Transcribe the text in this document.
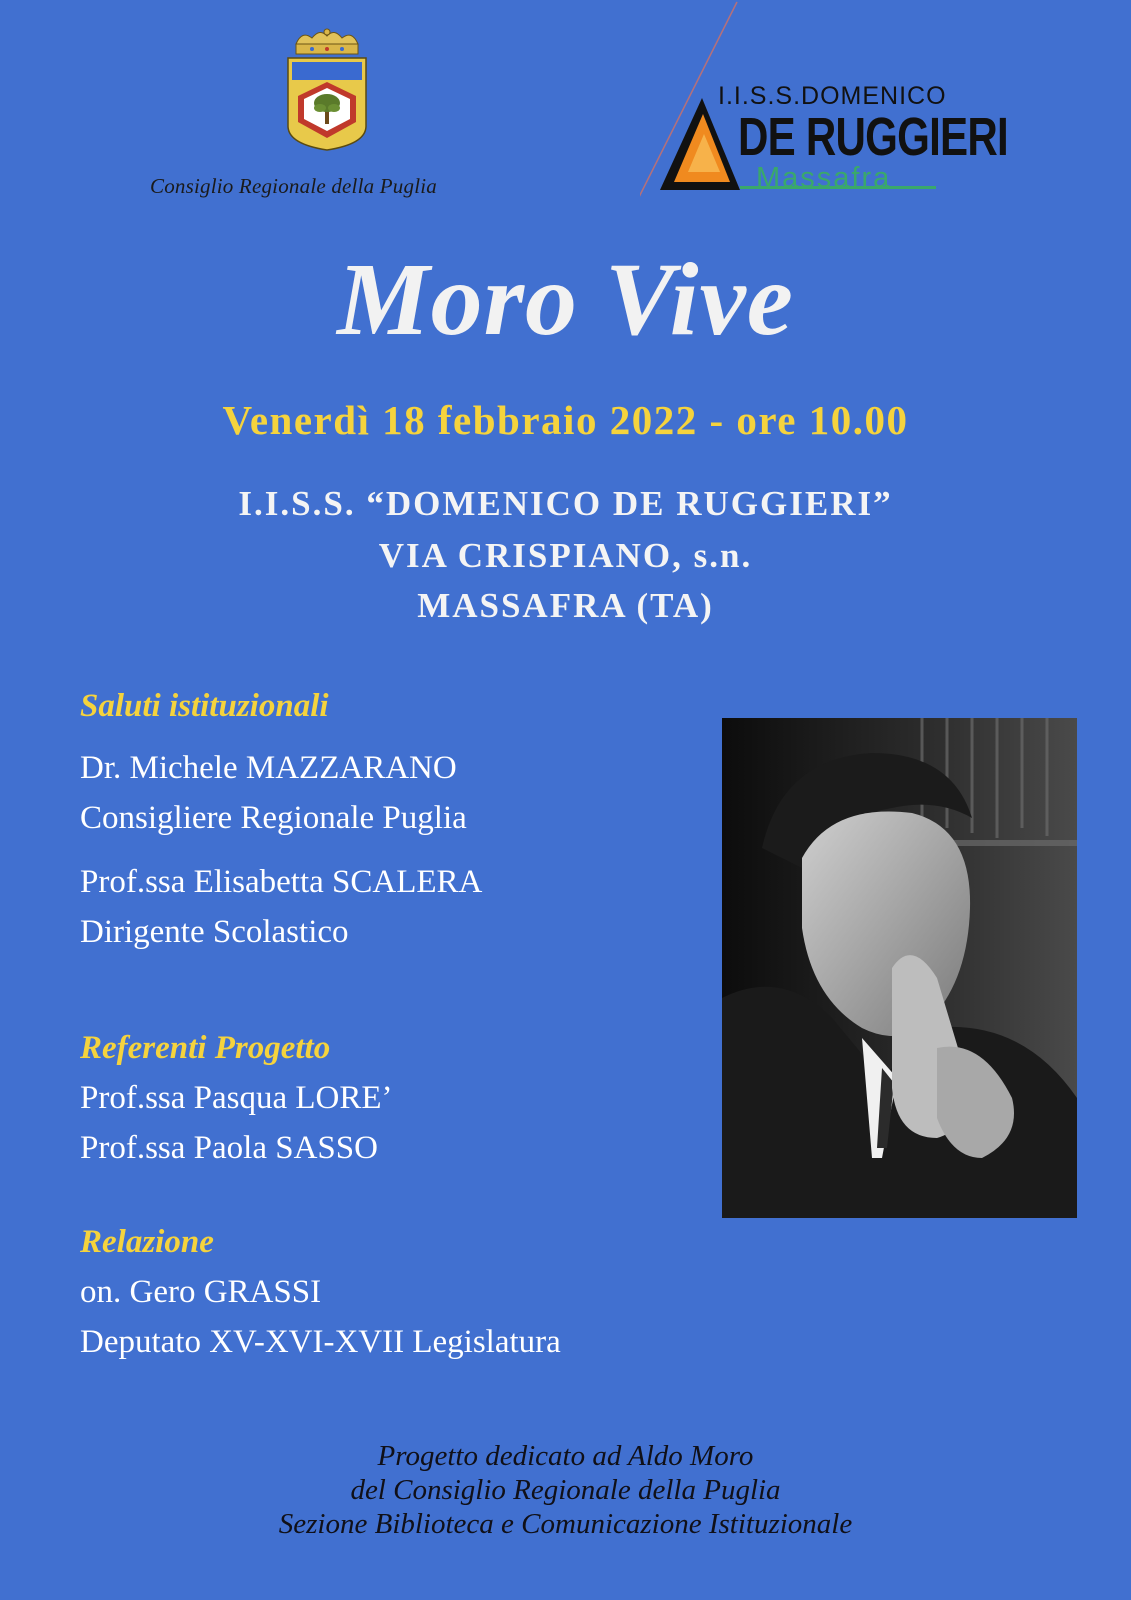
Consiglio Regionale della Puglia
I.I.S.S.DOMENICO
DE RUGGIERI
Massafra
Moro Vive
Venerdì 18 febbraio 2022 - ore 10.00
I.I.S.S. “DOMENICO DE RUGGIERI”
VIA CRISPIANO, s.n.
MASSAFRA (TA)
Saluti istituzionali
Dr. Michele MAZZARANO
Consigliere Regionale Puglia
Prof.ssa Elisabetta SCALERA
Dirigente Scolastico
Referenti Progetto
Prof.ssa Pasqua LORE’
Prof.ssa Paola SASSO
Relazione
on. Gero GRASSI
Deputato XV-XVI-XVII Legislatura
Progetto dedicato ad Aldo Moro
del Consiglio Regionale della Puglia
Sezione Biblioteca e Comunicazione Istituzionale
